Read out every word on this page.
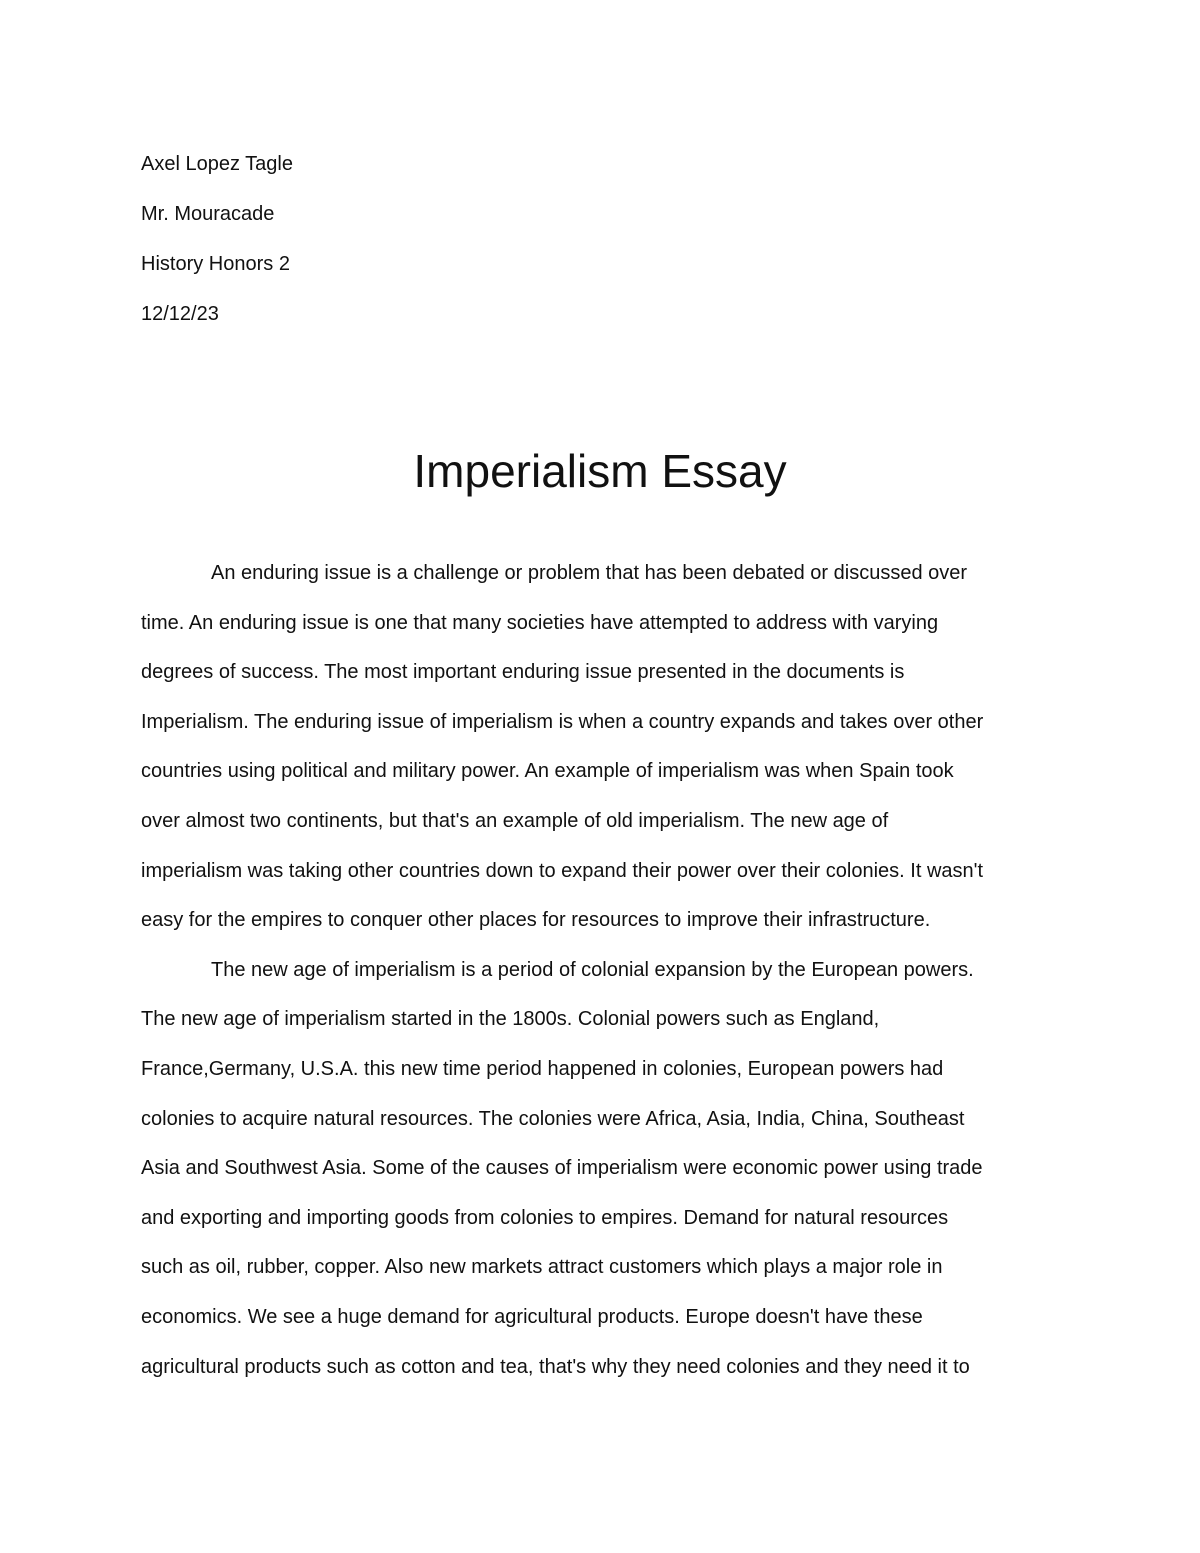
Axel Lopez Tagle
Mr. Mouracade
History Honors 2
12/12/23
Imperialism Essay
An enduring issue is a challenge or problem that has been debated or discussed over
time. An enduring issue is one that many societies have attempted to address with varying
degrees of success. The most important enduring issue presented in the documents is
Imperialism. The enduring issue of imperialism is when a country expands and takes over other
countries using political and military power. An example of imperialism was when Spain took
over almost two continents, but that's an example of old imperialism. The new age of
imperialism was taking other countries down to expand their power over their colonies. It wasn't
easy for the empires to conquer other places for resources to improve their infrastructure.
The new age of imperialism is a period of colonial expansion by the European powers.
The new age of imperialism started in the 1800s. Colonial powers such as England,
France,Germany, U.S.A. this new time period happened in colonies, European powers had
colonies to acquire natural resources. The colonies were Africa, Asia, India, China, Southeast
Asia and Southwest Asia. Some of the causes of imperialism were economic power using trade
and exporting and importing goods from colonies to empires. Demand for natural resources
such as oil, rubber, copper. Also new markets attract customers which plays a major role in
economics. We see a huge demand for agricultural products. Europe doesn't have these
agricultural products such as cotton and tea, that's why they need colonies and they need it to
